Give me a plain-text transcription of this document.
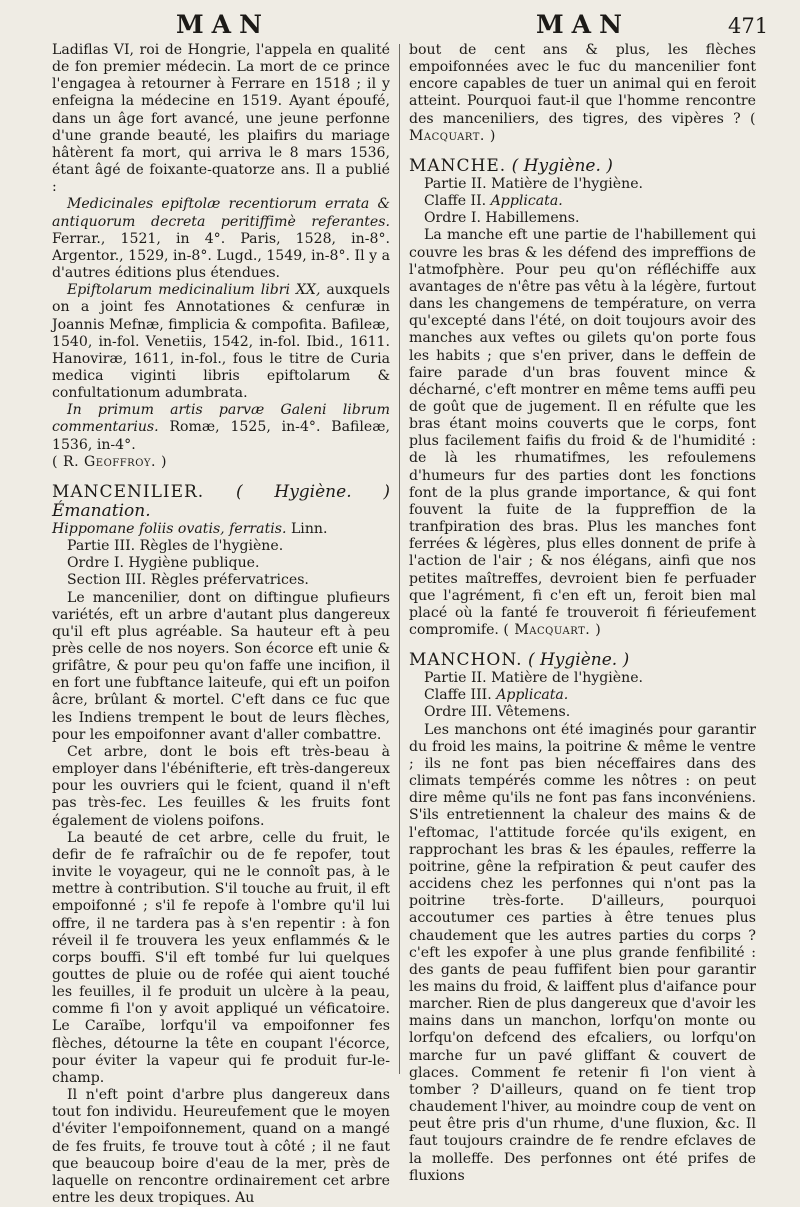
MAN	MAN	471

Ladiflas VI, roi de Hongrie, l'appela en qualité de fon premier médecin. La mort de ce prince l'engagea à retourner à Ferrare en 1518 ; il y enfeigna la médecine en 1519. Ayant époufé, dans un âge fort avancé, une jeune perfonne d'une grande beauté, les plaifirs du mariage hâtèrent fa mort, qui arriva le 8 mars 1536, étant âgé de foixante-quatorze ans. Il a publié :

Medicinales epiftolæ recentiorum errata & antiquorum decreta peritiffimè referantes. Ferrar., 1521, in 4°. Paris, 1528, in-8°. Argentor., 1529, in-8°. Lugd., 1549, in-8°. Il y a d'autres éditions plus étendues.

Epiftolarum medicinalium libri XX, auxquels on a joint fes Annotationes & cenfuræ in Joannis Mefnæ, fimplicia & compofita. Bafileæ, 1540, in-fol. Venetiis, 1542, in-fol. Ibid., 1611. Hanoviræ, 1611, in-fol., fous le titre de Curia medica viginti libris epiftolarum & confultationum adumbrata.

In primum artis parvæ Galeni librum commentarius. Romæ, 1525, in-4°. Bafileæ, 1536, in-4°.

( R. Geoffroy. )

MANCENILIER. ( Hygiène. ) Émanation.

Hippomane foliis ovatis, ferratis. Linn.

Partie III. Règles de l'hygiène.

Ordre I. Hygiène publique.

Section III. Règles préfervatrices.

Le mancenilier, dont on diftingue plufieurs variétés, eft un arbre d'autant plus dangereux qu'il eft plus agréable. Sa hauteur eft à peu près celle de nos noyers. Son écorce eft unie & grifâtre, & pour peu qu'on faffe une incifion, il en fort une fubftance laiteufe, qui eft un poifon âcre, brûlant & mortel. C'eft dans ce fuc que les Indiens trempent le bout de leurs flèches, pour les empoifonner avant d'aller combattre.

Cet arbre, dont le bois eft très-beau à employer dans l'ébénifterie, eft très-dangereux pour les ouvriers qui le fcient, quand il n'eft pas très-fec. Les feuilles & les fruits font également de violens poifons.

La beauté de cet arbre, celle du fruit, le defir de fe rafraîchir ou de fe repofer, tout invite le voyageur, qui ne le connoît pas, à le mettre à contribution. S'il touche au fruit, il eft empoifonné ; s'il fe repofe à l'ombre qu'il lui offre, il ne tardera pas à s'en repentir : à fon réveil il fe trouvera les yeux enflammés & le corps bouffi. S'il eft tombé fur lui quelques gouttes de pluie ou de rofée qui aient touché les feuilles, il fe produit un ulcère à la peau, comme fi l'on y avoit appliqué un véficatoire. Le Caraïbe, lorfqu'il va empoifonner fes flèches, détourne la tête en coupant l'écorce, pour éviter la vapeur qui fe produit fur-le-champ.

Il n'eft point d'arbre plus dangereux dans tout fon individu. Heureufement que le moyen d'éviter l'empoifonnement, quand on a mangé de fes fruits, fe trouve tout à côté ; il ne faut que beaucoup boire d'eau de la mer, près de laquelle on rencontre ordinairement cet arbre entre les deux tropiques. Au

bout de cent ans & plus, les flèches empoifonnées avec le fuc du mancenilier font encore capables de tuer un animal qui en feroit atteint. Pourquoi faut-il que l'homme rencontre des manceniliers, des tigres, des vipères ? ( Macquart. )

MANCHE. ( Hygiène. )

Partie II. Matière de l'hygiène.

Claffe II. Applicata.

Ordre I. Habillemens.

La manche eft une partie de l'habillement qui couvre les bras & les défend des impreffions de l'atmofphère. Pour peu qu'on réfléchiffe aux avantages de n'être pas vêtu à la légère, furtout dans les changemens de température, on verra qu'excepté dans l'été, on doit toujours avoir des manches aux veftes ou gilets qu'on porte fous les habits ; que s'en priver, dans le deffein de faire parade d'un bras fouvent mince & décharné, c'eft montrer en même tems auffi peu de goût que de jugement. Il en réfulte que les bras étant moins couverts que le corps, font plus facilement faifis du froid & de l'humidité : de là les rhumatifmes, les refoulemens d'humeurs fur des parties dont les fonctions font de la plus grande importance, & qui font fouvent la fuite de la fuppreffion de la tranfpiration des bras. Plus les manches font ferrées & légères, plus elles donnent de prife à l'action de l'air ; & nos élégans, ainfi que nos petites maîtreffes, devroient bien fe perfuader que l'agrément, fi c'en eft un, feroit bien mal placé où la fanté fe trouveroit fi férieufement compromife. ( Macquart. )

MANCHON. ( Hygiène. )

Partie II. Matière de l'hygiène.

Claffe III. Applicata.

Ordre III. Vêtemens.

Les manchons ont été imaginés pour garantir du froid les mains, la poitrine & même le ventre ; ils ne font pas bien néceffaires dans des climats tempérés comme les nôtres : on peut dire même qu'ils ne font pas fans inconvéniens. S'ils entretiennent la chaleur des mains & de l'eftomac, l'attitude forcée qu'ils exigent, en rapprochant les bras & les épaules, refferre la poitrine, gêne la refpiration & peut caufer des accidens chez les perfonnes qui n'ont pas la poitrine très-forte. D'ailleurs, pourquoi accoutumer ces parties à être tenues plus chaudement que les autres parties du corps ? c'eft les expofer à une plus grande fenfibilité : des gants de peau fuffifent bien pour garantir les mains du froid, & laiffent plus d'aifance pour marcher. Rien de plus dangereux que d'avoir les mains dans un manchon, lorfqu'on monte ou lorfqu'on defcend des efcaliers, ou lorfqu'on marche fur un pavé gliffant & couvert de glaces. Comment fe retenir fi l'on vient à tomber ? D'ailleurs, quand on fe tient trop chaudement l'hiver, au moindre coup de vent on peut être pris d'un rhume, d'une fluxion, &c. Il faut toujours craindre de fe rendre efclaves de la molleffe. Des perfonnes ont été prifes de fluxions
